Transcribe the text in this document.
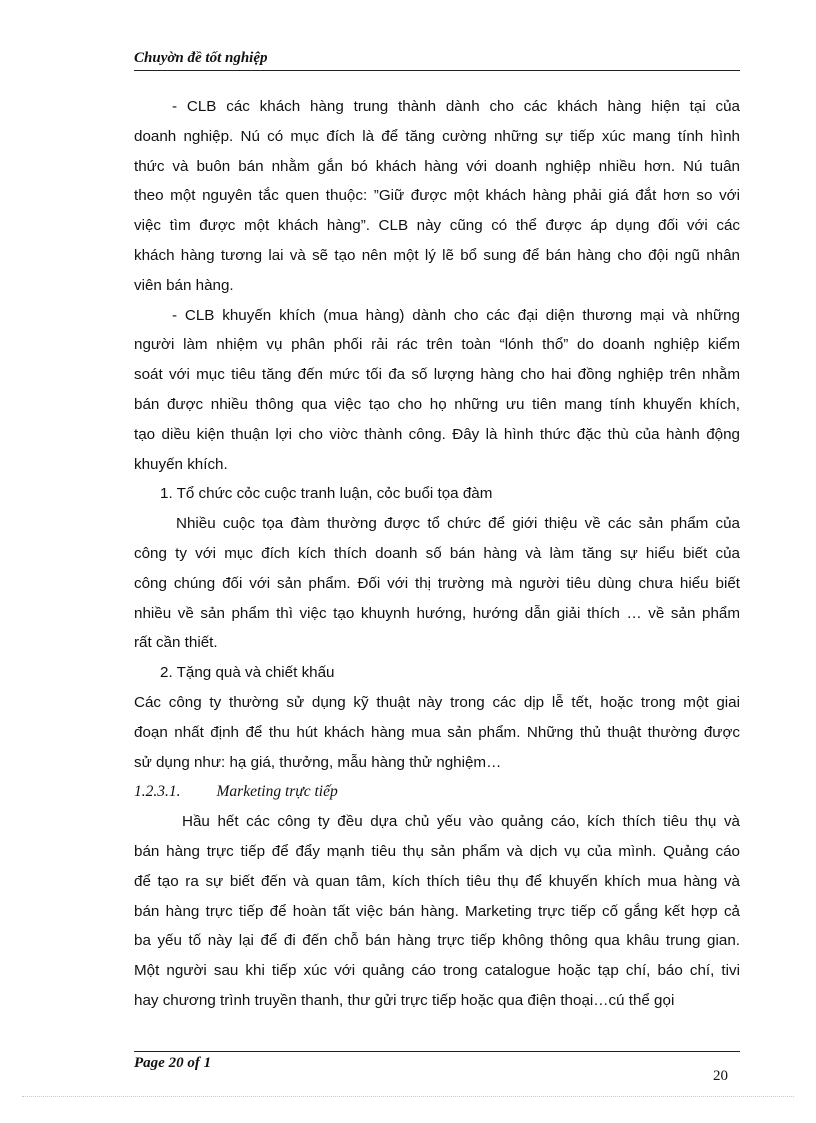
Chuyờn đề tốt nghiệp
- CLB các khách hàng trung thành dành cho các khách hàng hiện tại của
doanh nghiệp. Nú có mục đích là để tăng cường những sự tiếp xúc mang tính hình
thức và buôn bán nhằm gắn bó khách hàng với doanh nghiệp nhiều hơn. Nú tuân
theo một nguyên tắc quen thuộc: ”Giữ được một khách hàng phải giá đắt hơn so với
việc tìm được một khách hàng”. CLB này cũng có thể được áp dụng đối với các
khách hàng tương lai và sẽ tạo nên một lý lẽ bổ sung để bán hàng cho đội ngũ nhân
viên bán hàng.
- CLB khuyến khích (mua hàng) dành cho các đại diện thương mại và những
người làm nhiệm vụ phân phối rải rác trên toàn “lónh thổ” do doanh nghiệp kiểm
soát với mục tiêu tăng đến mức tối đa số lượng hàng cho hai đồng nghiệp trên nhằm
bán được nhiều thông qua việc tạo cho họ những ưu tiên mang tính khuyến khích,
tạo diều kiện thuận lợi cho viờc thành công. Đây là hình thức đặc thù của hành động
khuyến khích.
1. Tổ chức cỏc cuộc tranh luận, cỏc buổi tọa đàm
Nhiều cuộc tọa đàm thường được tổ chức để giới thiệu về các sản phẩm của
công ty với mục đích kích thích doanh số bán hàng và làm tăng sự hiểu biết của
công chúng đối với sản phẩm. Đối với thị trường mà người tiêu dùng chưa hiểu biết
nhiều về sản phẩm thì việc tạo khuynh hướng, hướng dẫn giải thích … về sản phẩm
rất cần thiết.
2. Tặng quà và chiết khấu
Các công ty thường sử dụng kỹ thuật này trong các dịp lễ tết, hoặc trong một giai
đoạn nhất định để thu hút khách hàng mua sản phẩm. Những thủ thuật thường được
sử dụng như: hạ giá, thưởng, mẫu hàng thử nghiệm…
1.2.3.1. Marketing trực tiếp
Hầu hết các công ty đều dựa chủ yếu vào quảng cáo, kích thích tiêu thụ và
bán hàng trực tiếp để đẩy mạnh tiêu thụ sản phẩm và dịch vụ của mình. Quảng cáo
để tạo ra sự biết đến và quan tâm, kích thích tiêu thụ để khuyến khích mua hàng và
bán hàng trực tiếp để hoàn tất việc bán hàng. Marketing trực tiếp cố gắng kết hợp cả
ba yếu tố này lại để đi đến chỗ bán hàng trực tiếp không thông qua khâu trung gian.
Một người sau khi tiếp xúc với quảng cáo trong catalogue hoặc tạp chí, báo chí, tivi
hay chương trình truyền thanh, thư gửi trực tiếp hoặc qua điện thoại…cú thể gọi
Page 20 of 1
20
